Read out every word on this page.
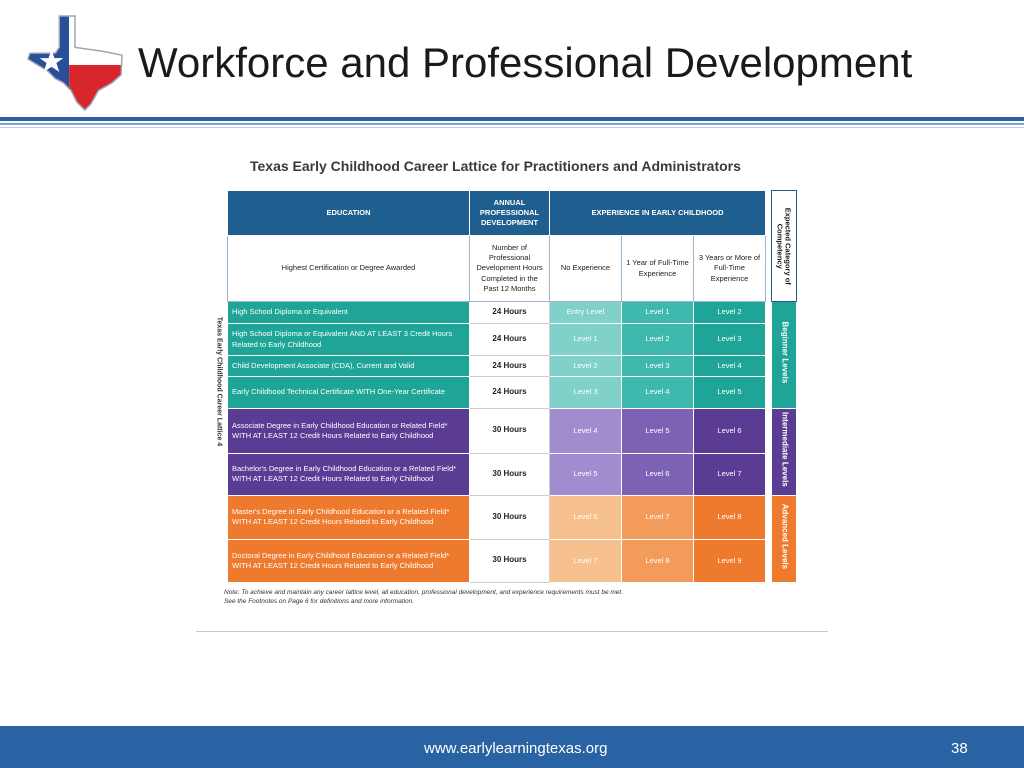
Workforce and Professional Development
Texas Early Childhood Career Lattice for Practitioners and Administrators
Texas Early Childhood Career Lattice 4
EDUCATION	ANNUAL PROFESSIONAL DEVELOPMENT	EXPERIENCE IN EARLY CHILDHOOD				Expected Category of Competency

Highest Certification or Degree Awarded	Number of Professional Development Hours Completed in the Past 12 Months	No Experience	1 Year of Full-Time Experience	3 Years or More of Full-Time Experience		
High School Diploma or Equivalent	24 Hours	Entry Level	Level 1	Level 2		Beginner Levels

High School Diploma or Equivalent AND AT LEAST 3 Credit Hours Related to Early Childhood	24 Hours	Level 1	Level 2	Level 3		
Child Development Associate (CDA), Current and Valid	24 Hours	Level 2	Level 3	Level 4		
Early Childhood Technical Certificate WITH One-Year Certificate	24 Hours	Level 3	Level 4	Level 5		
Associate Degree in Early Childhood Education or Related Field* WITH AT LEAST 12 Credit Hours Related to Early Childhood	30 Hours	Level 4	Level 5	Level 6		Intermediate Levels

Bachelor's Degree in Early Childhood Education or a Related Field* WITH AT LEAST 12 Credit Hours Related to Early Childhood	30 Hours	Level 5	Level 6	Level 7		
Master's Degree in Early Childhood Education or a Related Field* WITH AT LEAST 12 Credit Hours Related to Early Childhood	30 Hours	Level 6	Level 7	Level 8		Advanced Levels

Doctoral Degree in Early Childhood Education or a Related Field* WITH AT LEAST 12 Credit Hours Related to Early Childhood	30 Hours	Level 7	Level 8	Level 9		
Note: To achieve and maintain any career lattice level, all education, professional development, and experience requirements must be met.
See the Footnotes on Page 6 for definitions and more information.
www.earlylearningtexas.org	38
